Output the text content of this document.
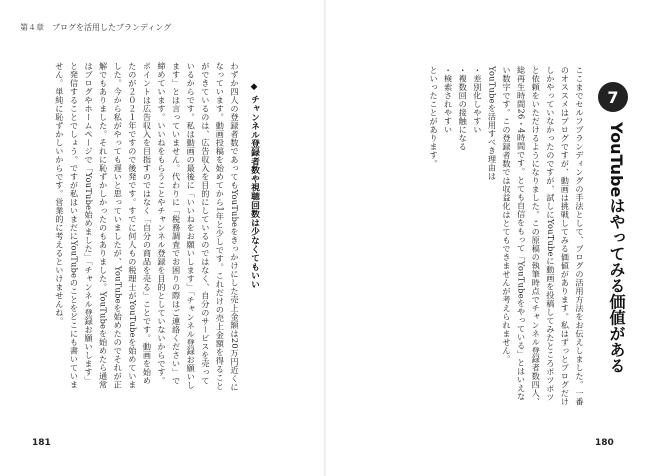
第４章　ブログを活用したブランディング
わずか四人の登録者数であってもYouTubeをきっかけにした売上金額は20万円近くになっています。動画投稿を始めてから1年と少しです。これだけの売上金額を得ることができているのは、広告収入を目的にしているのではなく、自分のサービスを売っているからです。私は動画の最後に「いいねをお願いします」「チャンネル登録お願いします」とは言っていません。代わりに「税務調査でお困りの際はご連絡ください」で締めています。いいねをもらうことやチャンネル登録を目的としていないからです。ポイントは広告収入を目指すのではなく「自分の商品を売る」ことです。動画を始めたのが２０２１年ですので後発です。すでに何人もの税理士がYouTubeを始めていました。今から私がやっても遅いと思っていましたが、YouTubeを始めたのでそれが正解でもありました。それに恥ずかしかったのもありました。YouTubeを始めたら通常はブログやホームページで「YouTube始めました」「チャンネル登録お願いします」と発信することでしょう。ですが私はいまだにYouTubeのことをどこにも書いていません。単純に恥ずかしいからです。営業的に考えるといけませんね。	◆チャンネル登録者数や視聴回数は少なくてもいい
181
7
YouTubeはやってみる価値がある
ここまでセルフブランディングの手法として、ブログの活用方法をお伝えしました。一番のオススメはブログですが、動画は挑戦してみる価値があります。私はずっとブログだけしかやっていなかったのですが、試しにYouTubeに動画を投稿してみたところポツポツと依頼をいただけるようになりました。この原稿の執筆時点でチャンネル登録者数四人、総再生時間26・4時間です。とても自信をもって「YouTubeをやっている」とはいえない数字です。この登録者数では収益化はとてもできませんが考えられません。
YouTubeを活用すべき理由は
・差別化しやすい
・複数回の接触になる
・検索されやすい
といったことがあります。
180
